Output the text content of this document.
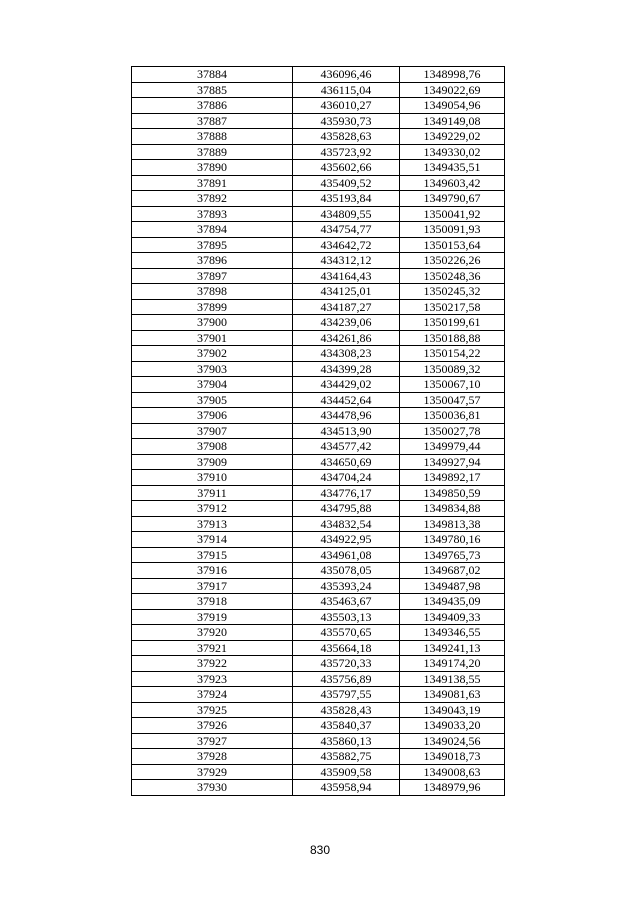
37884	436096,46	1348998,76
37885	436115,04	1349022,69
37886	436010,27	1349054,96
37887	435930,73	1349149,08
37888	435828,63	1349229,02
37889	435723,92	1349330,02
37890	435602,66	1349435,51
37891	435409,52	1349603,42
37892	435193,84	1349790,67
37893	434809,55	1350041,92
37894	434754,77	1350091,93
37895	434642,72	1350153,64
37896	434312,12	1350226,26
37897	434164,43	1350248,36
37898	434125,01	1350245,32
37899	434187,27	1350217,58
37900	434239,06	1350199,61
37901	434261,86	1350188,88
37902	434308,23	1350154,22
37903	434399,28	1350089,32
37904	434429,02	1350067,10
37905	434452,64	1350047,57
37906	434478,96	1350036,81
37907	434513,90	1350027,78
37908	434577,42	1349979,44
37909	434650,69	1349927,94
37910	434704,24	1349892,17
37911	434776,17	1349850,59
37912	434795,88	1349834,88
37913	434832,54	1349813,38
37914	434922,95	1349780,16
37915	434961,08	1349765,73
37916	435078,05	1349687,02
37917	435393,24	1349487,98
37918	435463,67	1349435,09
37919	435503,13	1349409,33
37920	435570,65	1349346,55
37921	435664,18	1349241,13
37922	435720,33	1349174,20
37923	435756,89	1349138,55
37924	435797,55	1349081,63
37925	435828,43	1349043,19
37926	435840,37	1349033,20
37927	435860,13	1349024,56
37928	435882,75	1349018,73
37929	435909,58	1349008,63
37930	435958,94	1348979,96
830
